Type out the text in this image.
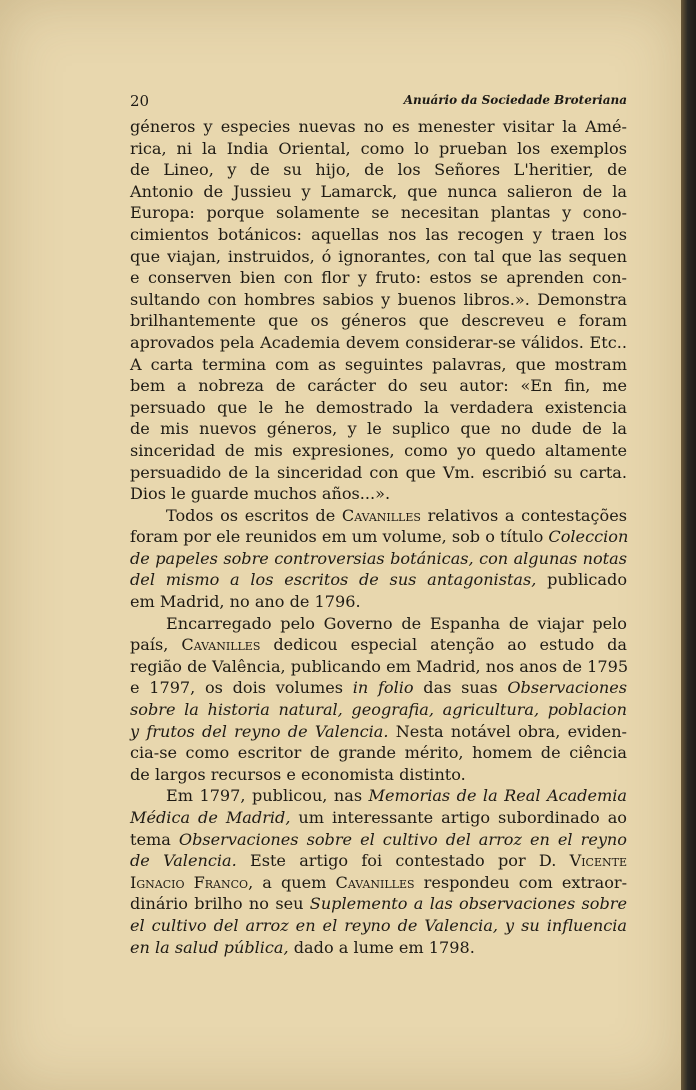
20	Anuário da Sociedade Broteriana
géneros y especies nuevas no es menester visitar la Amé-
rica, ni la India Oriental, como lo prueban los exemplos
de Lineo, y de su hijo, de los Señores L'heritier, de
Antonio de Jussieu y Lamarck, que nunca salieron de la
Europa: porque solamente se necesitan plantas y cono-
cimientos botánicos: aquellas nos las recogen y traen los
que viajan, instruidos, ó ignorantes, con tal que las sequen
e conserven bien con flor y fruto: estos se aprenden con-
sultando con hombres sabios y buenos libros.». Demonstra
brilhantemente que os géneros que descreveu e foram
aprovados pela Academia devem considerar-se válidos. Etc..
A carta termina com as seguintes palavras, que mostram
bem a nobreza de carácter do seu autor: «En fin, me
persuado que le he demostrado la verdadera existencia
de mis nuevos géneros, y le suplico que no dude de la
sinceridad de mis expresiones, como yo quedo altamente
persuadido de la sinceridad con que Vm. escribió su carta.
Dios le guarde muchos años...».
Todos os escritos de Cavanilles relativos a contestações
foram por ele reunidos em um volume, sob o título Coleccion
de papeles sobre controversias botánicas, con algunas notas
del mismo a los escritos de sus antagonistas, publicado
em Madrid, no ano de 1796.
Encarregado pelo Governo de Espanha de viajar pelo
país, Cavanilles dedicou especial atenção ao estudo da
região de Valência, publicando em Madrid, nos anos de 1795
e 1797, os dois volumes in folio das suas Observaciones
sobre la historia natural, geografia, agricultura, poblacion
y frutos del reyno de Valencia. Nesta notável obra, eviden-
cia-se como escritor de grande mérito, homem de ciência
de largos recursos e economista distinto.
Em 1797, publicou, nas Memorias de la Real Academia
Médica de Madrid, um interessante artigo subordinado ao
tema Observaciones sobre el cultivo del arroz en el reyno
de Valencia. Este artigo foi contestado por D. Vicente
Ignacio Franco, a quem Cavanilles respondeu com extraor-
dinário brilho no seu Suplemento a las observaciones sobre
el cultivo del arroz en el reyno de Valencia, y su influencia
en la salud pública, dado a lume em 1798.
